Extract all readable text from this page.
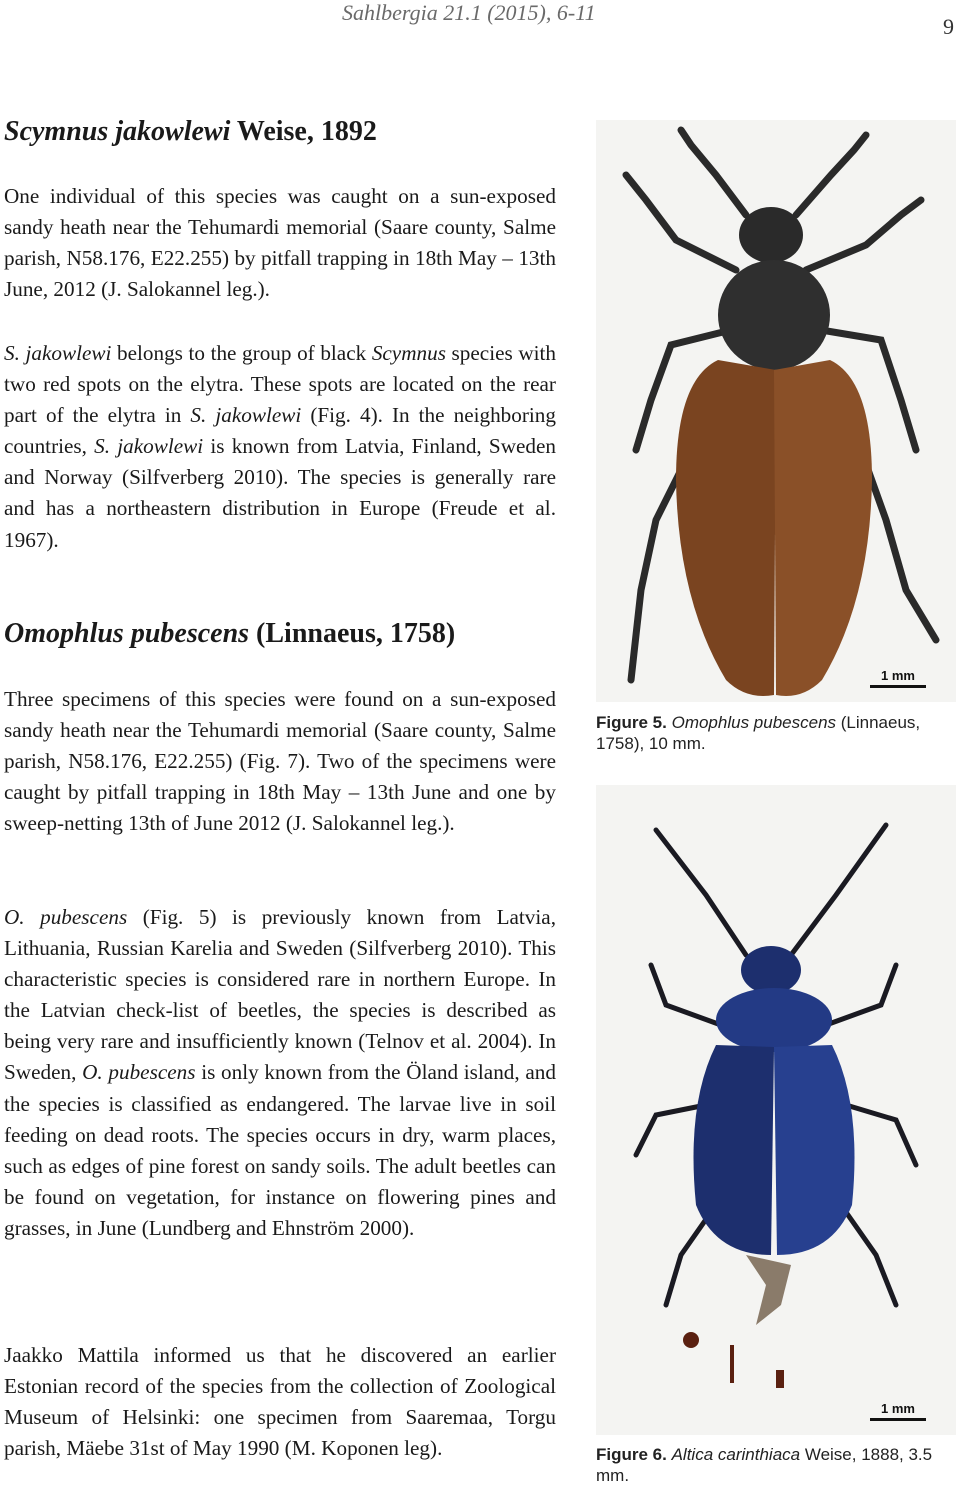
Sahlbergia 21.1 (2015), 6-11
9
Scymnus jakowlewi Weise, 1892

One individual of this species was caught on a sun-exposed sandy heath near the Tehumardi memorial (Saare county, Salme parish, N58.176, E22.255) by pitfall trapping in 18th May – 13th June, 2012 (J. Salokannel leg.).

S. jakowlewi belongs to the group of black Scymnus species with two red spots on the elytra. These spots are located on the rear part of the elytra in S. jakowlewi (Fig. 4). In the neighboring countries, S. jakowlewi is known from Latvia, Finland, Sweden and Norway (Silfverberg 2010). The species is generally rare and has a northeastern distribution in Europe (Freude et al. 1967).

Omophlus pubescens (Linnaeus, 1758)

Three specimens of this species were found on a sun-exposed sandy heath near the Tehumardi memorial (Saare county, Salme parish, N58.176, E22.255) (Fig. 7). Two of the specimens were caught by pitfall trapping in 18th May – 13th June and one by sweep-netting 13th of June 2012 (J. Salokannel leg.).

O. pubescens (Fig. 5) is previously known from Latvia, Lithuania, Russian Karelia and Sweden (Silfverberg 2010). This characteristic species is considered rare in northern Europe. In the Latvian check-list of beetles, the species is described as being very rare and insufficiently known (Telnov et al. 2004). In Sweden, O. pubescens is only known from the Öland island, and the species is classified as endangered. The larvae live in soil feeding on dead roots. The species occurs in dry, warm places, such as edges of pine forest on sandy soils. The adult beetles can be found on vegetation, for instance on flowering pines and grasses, in June (Lundberg and Ehnström 2000).

Jaakko Mattila informed us that he discovered an earlier Estonian record of the species from the collection of Zoological Museum of Helsinki: one specimen from Saaremaa, Torgu parish, Mäebe 31st of May 1990 (M. Koponen leg).

1 mm
Figure 5. Omophlus pubescens (Linnaeus, 1758), 10 mm.
1 mm
Figure 6. Altica carinthiaca Weise, 1888, 3.5 mm.
